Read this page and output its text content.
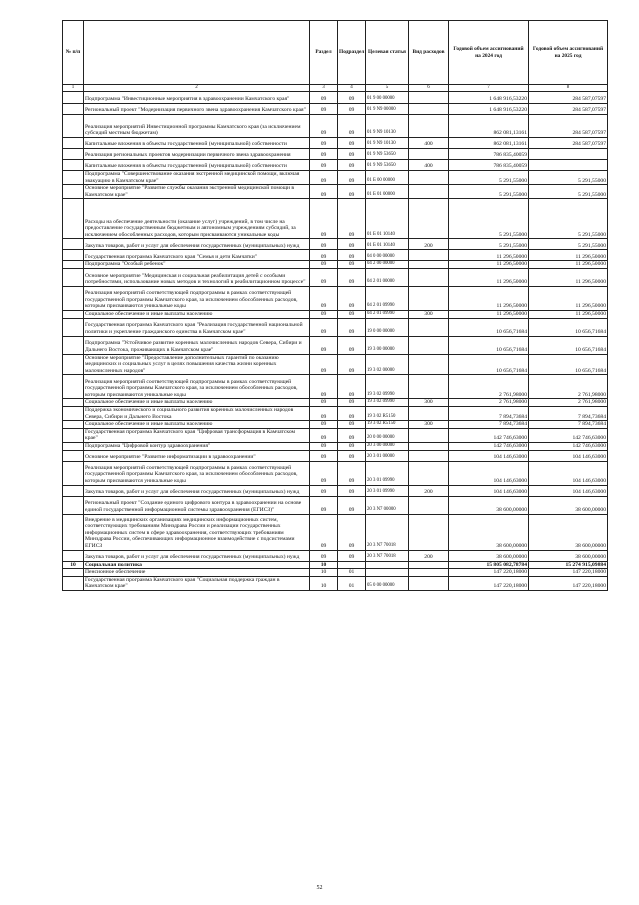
№ п/п		Раздел	Подраздел	Целевая статья	Вид расходов	Годовой объем ассигнований на 2024 год	Годовой объем ассигнований на 2025 год
1	2	3	4	5	6	7	8
	Подпрограмма "Инвестиционные мероприятия в здравоохранении Камчатского края"	09	09	01 9 00 00000		1 648 916,53220	284 587,07597
	Региональный проект "Модернизация первичного звена здравоохранения Камчатского края"	09	09	01 9 N9 00000		1 648 916,53220	284 587,07597
	Реализация мероприятий Инвестиционной программы Камчатского края (за исключением субсидий местным бюджетам)	09	09	01 9 N9 10130		862 081,13161	284 587,07597
	Капитальные вложения в объекты государственной (муниципальной) собственности	09	09	01 9 N9 10130	400	862 081,13161	284 587,07597
	Реализация региональных проектов модернизации первичного звена здравоохранения	09	09	01 9 N9 53650		786 835,40059	
	Капитальные вложения в объекты государственной (муниципальной) собственности	09	09	01 9 N9 53650	400	786 835,40059	
	Подпрограмма "Совершенствование оказания экстренной медицинской помощи, включая эвакуацию в Камчатском крае"	09	09	01 Б 00 00000		5 291,55000	5 291,55000
	Основное мероприятие "Развитие службы оказания экстренной медицинской помощи в Камчатском крае"	09	09	01 Б 01 00000		5 291,55000	5 291,55000
	Расходы на обеспечение деятельности (оказание услуг) учреждений, в том числе на предоставление государственным бюджетным и автономным учреждениям субсидий, за исключением обособленных расходов, которым присваиваются уникальные коды	09	09	01 Б 01 10140		5 291,55000	5 291,55000
	Закупка товаров, работ и услуг для обеспечения государственных (муниципальных) нужд	09	09	01 Б 01 10140	200	5 291,55000	5 291,55000
	Государственная программа Камчатского края "Семья и дети Камчатки"	09	09	04 0 00 00000		11 296,50000	11 296,50000
	Подпрограмма "Особый ребенок"	09	09	04 2 00 00000		11 296,50000	11 296,50000
	Основное мероприятие "Медицинская и социальная реабилитация детей с особыми потребностями, использование новых методов и технологий в реабилитационном процессе"	09	09	04 2 01 00000		11 296,50000	11 296,50000
	Реализация мероприятий соответствующей подпрограммы в рамках соответствующей государственной программы Камчатского края, за исключением обособленных расходов, которым присваиваются уникальные коды	09	09	04 2 01 09990		11 296,50000	11 296,50000
	Социальное обеспечение и иные выплаты населению	09	09	04 2 01 09990	300	11 296,50000	11 296,50000
	Государственная программа Камчатского края "Реализация государственной национальной политики и укрепление гражданского единства в Камчатском крае"	09	09	19 0 00 00000		10 656,71684	10 656,71684
	Подпрограмма "Устойчивое развитие коренных малочисленных народов Севера, Сибири и Дальнего Востока, проживающих в Камчатском крае"	09	09	19 3 00 00000		10 656,71684	10 656,71684
	Основное мероприятие "Предоставление дополнительных гарантий по оказанию медицинских и социальных услуг в целях повышения качества жизни коренных малочисленных народов"	09	09	19 3 02 00000		10 656,71684	10 656,71684
	Реализация мероприятий соответствующей подпрограммы в рамках соответствующей государственной программы Камчатского края, за исключением обособленных расходов, которым присваиваются уникальные коды	09	09	19 3 02 09990		2 761,98000	2 761,98000
	Социальное обеспечение и иные выплаты населению	09	09	19 3 02 09990	300	2 761,98000	2 761,98000
	Поддержка экономического и социального развития коренных малочисленных народов Севера, Сибири и Дальнего Востока	09	09	19 3 02 R5150		7 894,73684	7 894,73684
	Социальное обеспечение и иные выплаты населению	09	09	19 3 02 R5150	300	7 894,73684	7 894,73684
	Государственная программа Камчатского края "Цифровая трансформация в Камчатском крае"	09	09	20 0 00 00000		142 746,63000	142 746,63000
	Подпрограмма "Цифровой контур здравоохранения"	09	09	20 3 00 00000		142 746,63000	142 746,63000
	Основное мероприятие "Развитие информатизации в здравоохранении"	09	09	20 3 01 00000		104 146,63000	104 146,63000
	Реализация мероприятий соответствующей подпрограммы в рамках соответствующей государственной программы Камчатского края, за исключением обособленных расходов, которым присваиваются уникальные коды	09	09	20 3 01 09990		104 146,63000	104 146,63000
	Закупка товаров, работ и услуг для обеспечения государственных (муниципальных) нужд	09	09	20 3 01 09990	200	104 146,63000	104 146,63000
	Региональный проект "Создание единого цифрового контура в здравоохранении на основе единой государственной информационной системы здравоохранения (ЕГИСЗ)"	09	09	20 3 N7 00000		38 600,00000	38 600,00000
	Внедрение в медицинских организациях медицинских информационных систем, соответствующих требованиям Минздрава России и реализации государственных информационных систем в сфере здравоохранения, соответствующих требованиям Минздрава России, обеспечивающих информационное взаимодействие с подсистемами ЕГИСЗ	09	09	20 3 N7 70018		38 600,00000	38 600,00000
	Закупка товаров, работ и услуг для обеспечения государственных (муниципальных) нужд	09	09	20 3 N7 70018	200	38 600,00000	38 600,00000
10	Социальная политика	10				15 805 082,78784	15 274 915,09884
	Пенсионное обеспечение	10	01			147 220,18000	147 220,18000
	Государственная программа Камчатского края "Социальная поддержка граждан в Камчатском крае"	10	01	05 0 00 00000		147 220,18000	147 220,18000
52
